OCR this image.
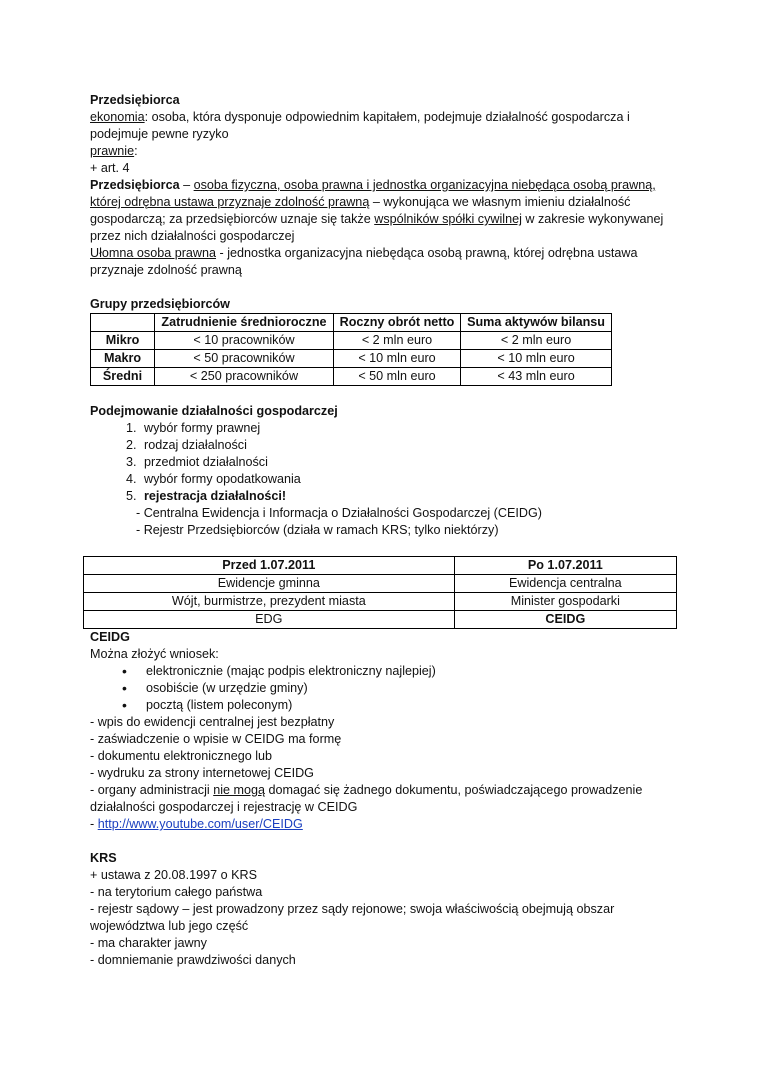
Przedsiębiorca

ekonomia: osoba, która dysponuje odpowiednim kapitałem, podejmuje działalność gospodarcza i podejmuje pewne ryzyko

prawnie:

+ art. 4

Przedsiębiorca – osoba fizyczna, osoba prawna i jednostka organizacyjna niebędąca osobą prawną, której odrębna ustawa przyznaje zdolność prawną – wykonująca we własnym imieniu działalność gospodarczą; za przedsiębiorców uznaje się także wspólników spółki cywilnej w zakresie wykonywanej przez nich działalności gospodarczej

Ułomna osoba prawna - jednostka organizacyjna niebędąca osobą prawną, której odrębna ustawa przyznaje zdolność prawną

Grupy przedsiębiorców

	Zatrudnienie średnioroczne	Roczny obrót netto	Suma aktywów bilansu
Mikro	< 10 pracowników	< 2 mln euro	< 2 mln euro
Makro	< 50 pracowników	< 10 mln euro	< 10 mln euro
Średni	< 250 pracowników	< 50 mln euro	< 43 mln euro

Podejmowanie działalności gospodarczej

1. wybór formy prawnej
2. rodzaj działalności
3. przedmiot działalności
4. wybór formy opodatkowania
5. rejestracja działalności!

- Centralna Ewidencja i Informacja o Działalności Gospodarczej (CEIDG)

- Rejestr Przedsiębiorców (działa w ramach KRS; tylko niektórzy)

Przed 1.07.2011	Po 1.07.2011
Ewidencje gminna	Ewidencja centralna
Wójt, burmistrze, prezydent miasta	Minister gospodarki
EDG	CEIDG

CEIDG

Można złożyć wniosek:

• elektronicznie (mając podpis elektroniczny najlepiej)
• osobiście (w urzędzie gminy)
• pocztą (listem poleconym)

- wpis do ewidencji centralnej jest bezpłatny

- zaświadczenie o wpisie w CEIDG ma formę

- dokumentu elektronicznego lub

- wydruku za strony internetowej CEIDG

- organy administracji nie mogą domagać się żadnego dokumentu, poświadczającego prowadzenie działalności gospodarczej i rejestrację w CEIDG

- http://www.youtube.com/user/CEIDG

KRS

+ ustawa z 20.08.1997 o KRS

- na terytorium całego państwa

- rejestr sądowy – jest prowadzony przez sądy rejonowe; swoja właściwością obejmują obszar województwa lub jego część

- ma charakter jawny

- domniemanie prawdziwości danych
